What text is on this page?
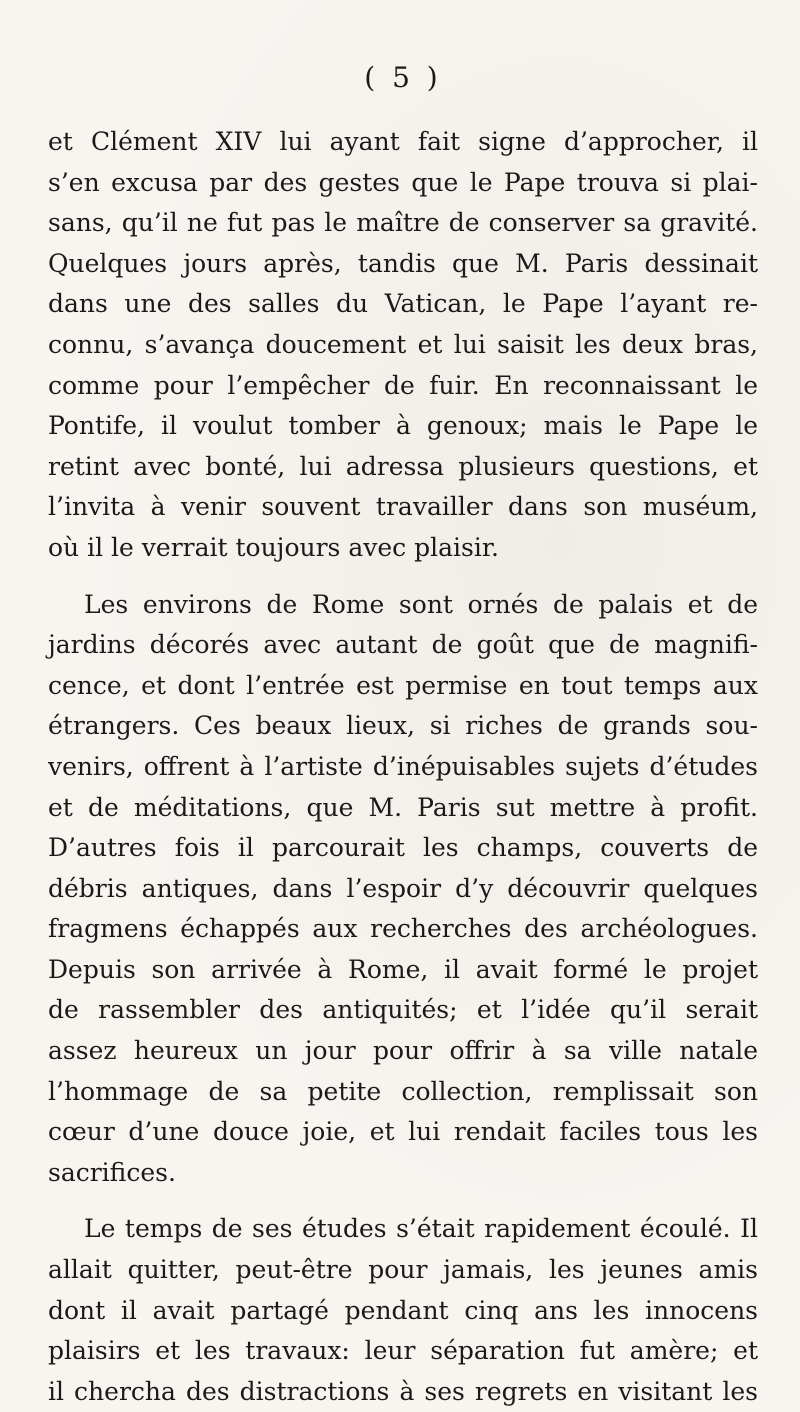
( 5 )
et Clément XIV lui ayant fait signe d’approcher, il
s’en excusa par des gestes que le Pape trouva si plai-
sans, qu’il ne fut pas le maître de conserver sa gravité.
Quelques jours après, tandis que M. Paris dessinait
dans une des salles du Vatican, le Pape l’ayant re-
connu, s’avança doucement et lui saisit les deux bras,
comme pour l’empêcher de fuir. En reconnaissant le
Pontife, il voulut tomber à genoux; mais le Pape le
retint avec bonté, lui adressa plusieurs questions, et
l’invita à venir souvent travailler dans son muséum,
où il le verrait toujours avec plaisir.
Les environs de Rome sont ornés de palais et de
jardins décorés avec autant de goût que de magnifi-
cence, et dont l’entrée est permise en tout temps aux
étrangers. Ces beaux lieux, si riches de grands sou-
venirs, offrent à l’artiste d’inépuisables sujets d’études
et de méditations, que M. Paris sut mettre à profit.
D’autres fois il parcourait les champs, couverts de
débris antiques, dans l’espoir d’y découvrir quelques
fragmens échappés aux recherches des archéologues.
Depuis son arrivée à Rome, il avait formé le projet
de rassembler des antiquités; et l’idée qu’il serait
assez heureux un jour pour offrir à sa ville natale
l’hommage de sa petite collection, remplissait son
cœur d’une douce joie, et lui rendait faciles tous les
sacrifices.
Le temps de ses études s’était rapidement écoulé. Il
allait quitter, peut-être pour jamais, les jeunes amis
dont il avait partagé pendant cinq ans les innocens
plaisirs et les travaux: leur séparation fut amère; et
il chercha des distractions à ses regrets en visitant les
